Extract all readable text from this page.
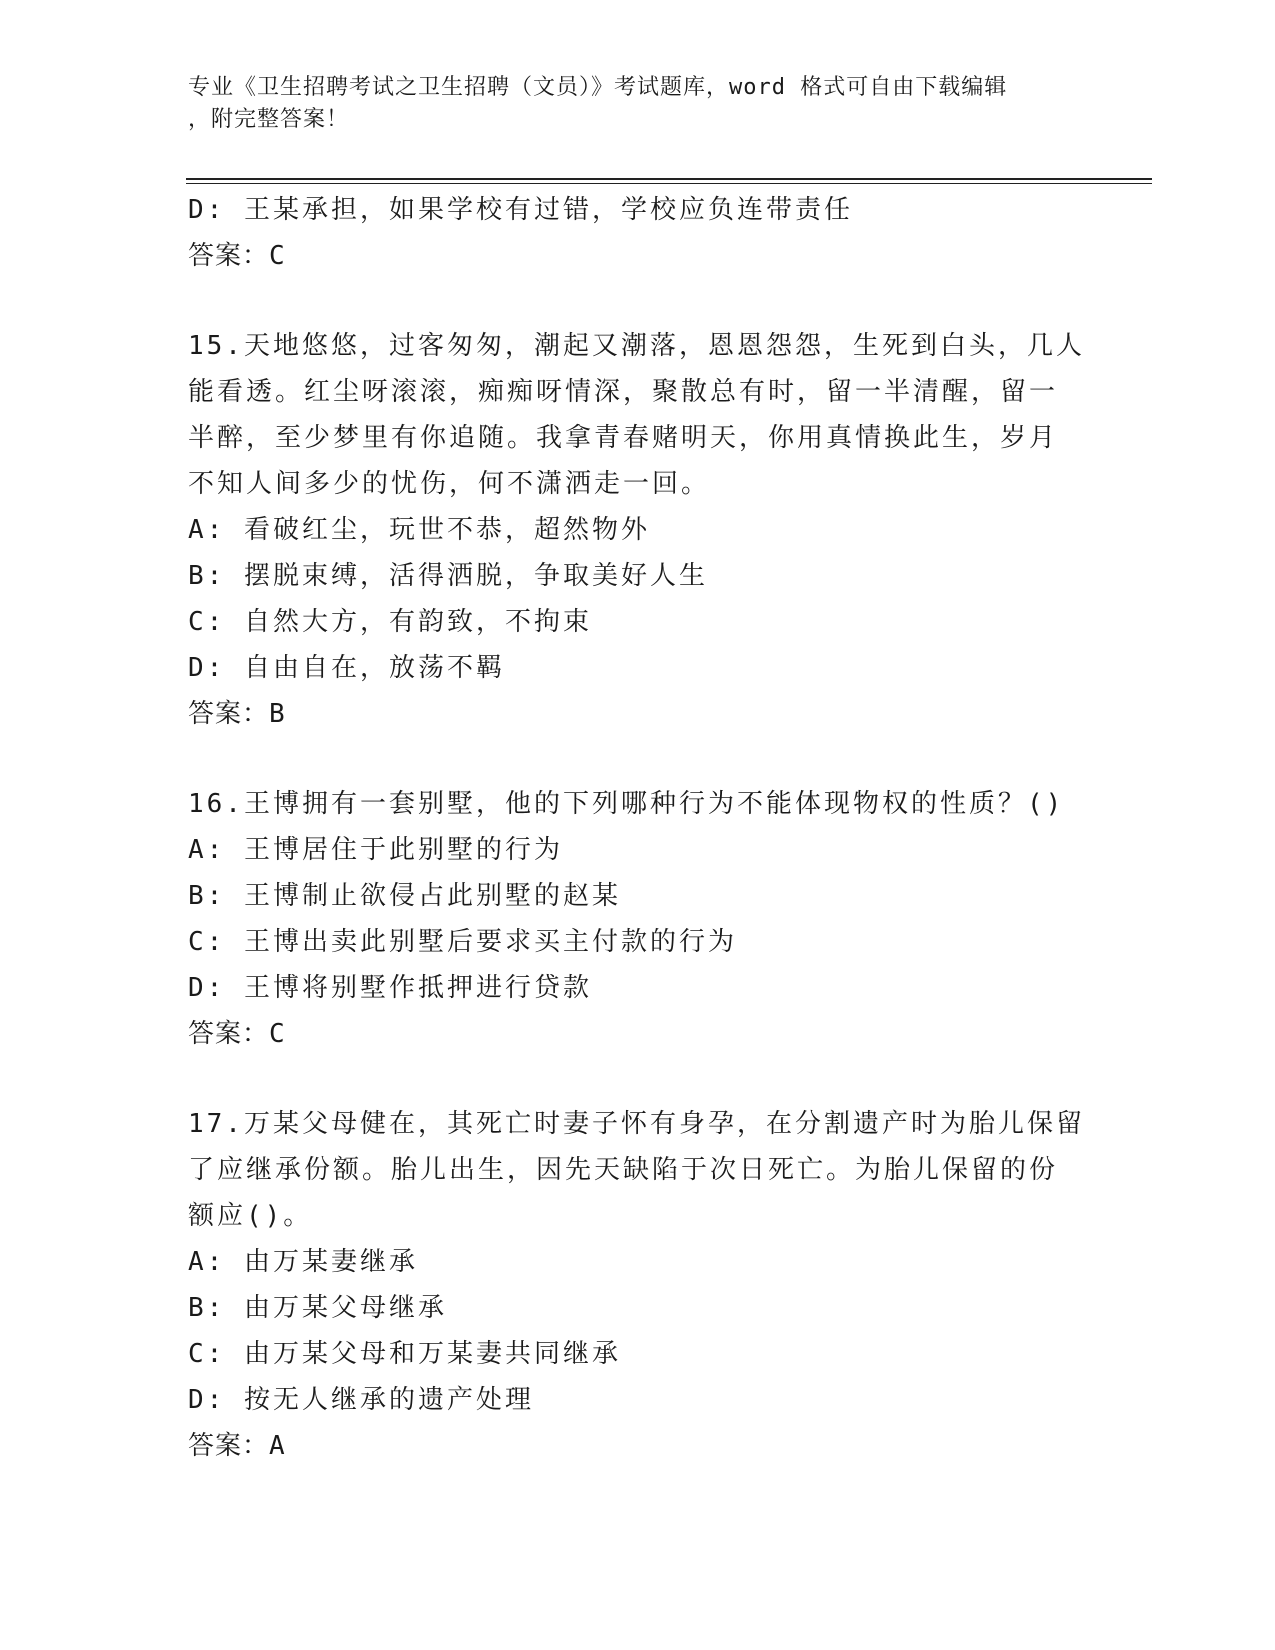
专业《卫生招聘考试之卫生招聘（文员）》考试题库，word 格式可自由下载编辑
，附完整答案！
D: 王某承担，如果学校有过错，学校应负连带责任
答案：C
15.天地悠悠，过客匆匆，潮起又潮落，恩恩怨怨，生死到白头，几人
能看透。红尘呀滚滚，痴痴呀情深，聚散总有时，留一半清醒，留一
半醉，至少梦里有你追随。我拿青春赌明天，你用真情换此生，岁月
不知人间多少的忧伤，何不潇洒走一回。
A: 看破红尘，玩世不恭，超然物外
B: 摆脱束缚，活得洒脱，争取美好人生
C: 自然大方，有韵致，不拘束
D: 自由自在，放荡不羁
答案：B
16.王博拥有一套别墅，他的下列哪种行为不能体现物权的性质？()
A: 王博居住于此别墅的行为
B: 王博制止欲侵占此别墅的赵某
C: 王博出卖此别墅后要求买主付款的行为
D: 王博将别墅作抵押进行贷款
答案：C
17.万某父母健在，其死亡时妻子怀有身孕，在分割遗产时为胎儿保留
了应继承份额。胎儿出生，因先天缺陷于次日死亡。为胎儿保留的份
额应()。
A: 由万某妻继承
B: 由万某父母继承
C: 由万某父母和万某妻共同继承
D: 按无人继承的遗产处理
答案：A
